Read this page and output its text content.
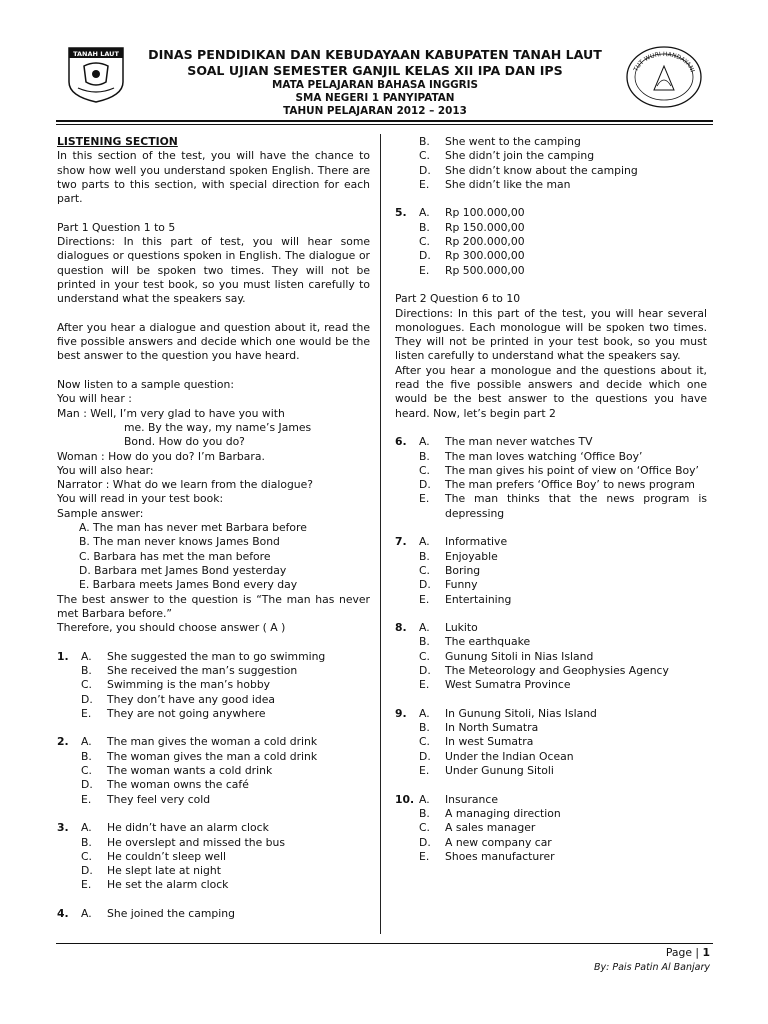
TANAH LAUT
TUT WURI HANDAYANI
DINAS PENDIDIKAN DAN KEBUDAYAAN KABUPATEN TANAH LAUT
SOAL UJIAN SEMESTER GANJIL KELAS XII IPA DAN IPS
MATA PELAJARAN BAHASA INGGRIS
SMA NEGERI 1 PANYIPATAN
TAHUN PELAJARAN 2012 – 2013

LISTENING SECTION

In this section of the test, you will have the chance to show how well you understand spoken English. There are two parts to this section, with special direction for each part.

Part 1 Question 1 to 5

Directions: In this part of test, you will hear some dialogues or questions spoken in English. The dialogue or question will be spoken two times. They will not be printed in your test book, so you must listen carefully to understand what the speakers say.

After you hear a dialogue and question about it, read the five possible answers and decide which one would be the best answer to the question you have heard.

Now listen to a sample question:

You will hear :

Man : Well, I’m very glad to have you with

me. By the way, my name’s James

Bond. How do you do?

Woman : How do you do? I’m Barbara.

You will also hear:

Narrator : What do we learn from the dialogue?

You will read in your test book:

Sample answer:

A. The man has never met Barbara before

B. The man never knows James Bond

C. Barbara has met the man before

D. Barbara met James Bond yesterday

E. Barbara meets James Bond every day

The best answer to the question is “The man has never met Barbara before.”

Therefore, you should choose answer ( A )

1.	A.	She suggested the man to go swimming
B.	She received the man’s suggestion
C.	Swimming is the man’s hobby
D.	They don’t have any good idea
E.	They are not going anywhere
2.	A.	The man gives the woman a cold drink
B.	The woman gives the man a cold drink
C.	The woman wants a cold drink
D.	The woman owns the café
E.	They feel very cold
3.	A.	He didn’t have an alarm clock
B.	He overslept and missed the bus
C.	He couldn’t sleep well
D.	He slept late at night
E.	He set the alarm clock
4.	A.	She joined the camping
B.	She went to the camping
C.	She didn’t join the camping
D.	She didn’t know about the camping
E.	She didn’t like the man
5.	A.	Rp 100.000,00
B.	Rp 150.000,00
C.	Rp 200.000,00
D.	Rp 300.000,00
E.	Rp 500.000,00

Part 2 Question 6 to 10

Directions: In this part of the test, you will hear several monologues. Each monologue will be spoken two times. They will not be printed in your test book, so you must listen carefully to understand what the speakers say.

After you hear a monologue and the questions about it, read the five possible answers and decide which one would be the best answer to the questions you have heard. Now, let’s begin part 2

6.	A.	The man never watches TV
B.	The man loves watching ‘Office Boy’
C.	The man gives his point of view on ‘Office Boy’
D.	The man prefers ‘Office Boy’ to news program
E.	The man thinks that the news program is depressing
7.	A.	Informative
B.	Enjoyable
C.	Boring
D.	Funny
E.	Entertaining
8.	A.	Lukito
B.	The earthquake
C.	Gunung Sitoli in Nias Island
D.	The Meteorology and Geophysies Agency
E.	West Sumatra Province
9.	A.	In Gunung Sitoli, Nias Island
B.	In North Sumatra
C.	In west Sumatra
D.	Under the Indian Ocean
E.	Under Gunung Sitoli
10. A.	Insurance
B.	A managing direction
C.	A sales manager
D.	A new company car
E.	Shoes manufacturer
Page | 1
By: Pais Patin Al Banjary
